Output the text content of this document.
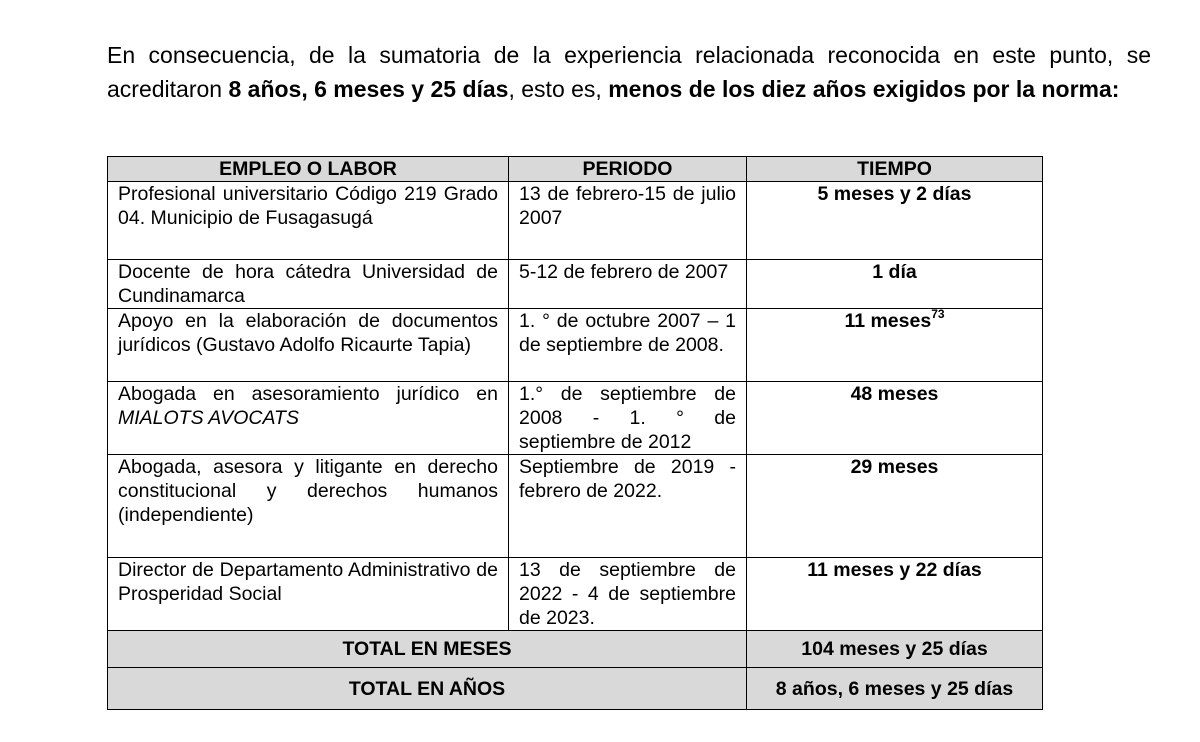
En consecuencia, de la sumatoria de la experiencia relacionada reconocida en este punto, se acreditaron 8 años, 6 meses y 25 días, esto es, menos de los diez años exigidos por la norma:

EMPLEO O LABOR	PERIODO	TIEMPO
Profesional universitario Código 219 Grado 04. Municipio de Fusagasugá	13 de febrero-15 de julio 2007	5 meses y 2 días
Docente de hora cátedra Universidad de Cundinamarca	5-12 de febrero de 2007	1 día
Apoyo en la elaboración de documentos jurídicos (Gustavo Adolfo Ricaurte Tapia)	1. ° de octubre 2007 – 1 de septiembre de 2008.	11 meses$^{73}$
Abogada en asesoramiento jurídico en MIALOTS AVOCATS	1.° de septiembre de 2008 - 1. ° de septiembre de 2012	48 meses
Abogada, asesora y litigante en derecho constitucional y derechos humanos (independiente)	Septiembre de 2019 - febrero de 2022.	29 meses
Director de Departamento Administrativo de Prosperidad Social	13 de septiembre de 2022 - 4 de septiembre de 2023.	11 meses y 22 días
TOTAL EN MESES		104 meses y 25 días
TOTAL EN AÑOS		8 años, 6 meses y 25 días
